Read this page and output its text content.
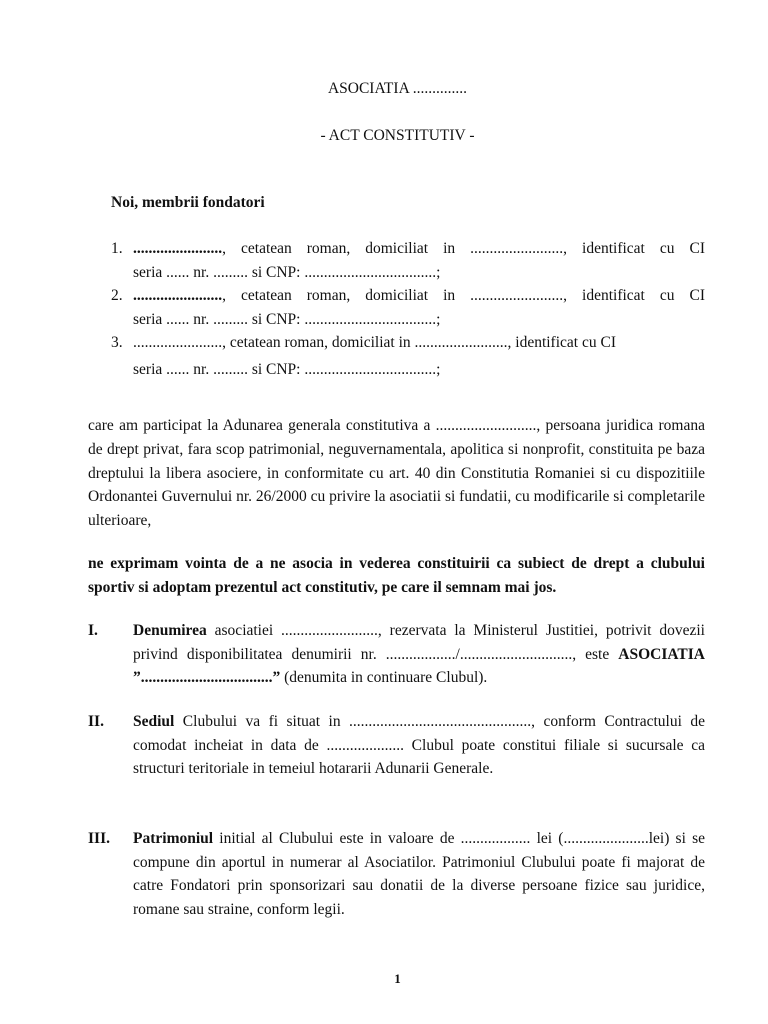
ASOCIATIA ..............
- ACT CONSTITUTIV -
Noi, membrii fondatori
1. ....................... , cetatean roman, domiciliat in ........................, identificat cu CI
seria ...... nr. ......... si CNP: ..................................;
2. ....................... , cetatean roman, domiciliat in ........................, identificat cu CI
seria ...... nr. ......... si CNP: ..................................;
3. ......................., cetatean roman, domiciliat in ........................, identificat cu CI
seria ...... nr. ......... si CNP: ..................................;
care am participat la Adunarea generala constitutiva a .........................., persoana juridica romana de drept privat, fara scop patrimonial, neguvernamentala, apolitica si nonprofit, constituita pe baza dreptului la libera asociere, in conformitate cu art. 40 din Constitutia Romaniei si cu dispozitiile Ordonantei Guvernului nr. 26/2000 cu privire la asociatii si fundatii, cu modificarile si completarile ulterioare,
ne exprimam vointa de a ne asocia in vederea constituirii ca subiect de drept a clubului sportiv si adoptam prezentul act constitutiv, pe care il semnam mai jos.
I.	Denumirea asociatiei ........................., rezervata la Ministerul Justitiei, potrivit dovezii privind disponibilitatea denumirii nr. ................../............................., este ASOCIATIA ”..................................” (denumita in continuare Clubul).
II.	Sediul Clubului va fi situat in ..............................................., conform Contractului de comodat incheiat in data de .................... Clubul poate constitui filiale si sucursale ca structuri teritoriale in temeiul hotararii Adunarii Generale.
III.	Patrimoniul initial al Clubului este in valoare de .................. lei (......................lei) si se compune din aportul in numerar al Asociatilor. Patrimoniul Clubului poate fi majorat de catre Fondatori prin sponsorizari sau donatii de la diverse persoane fizice sau juridice, romane sau straine, conform legii.
1
